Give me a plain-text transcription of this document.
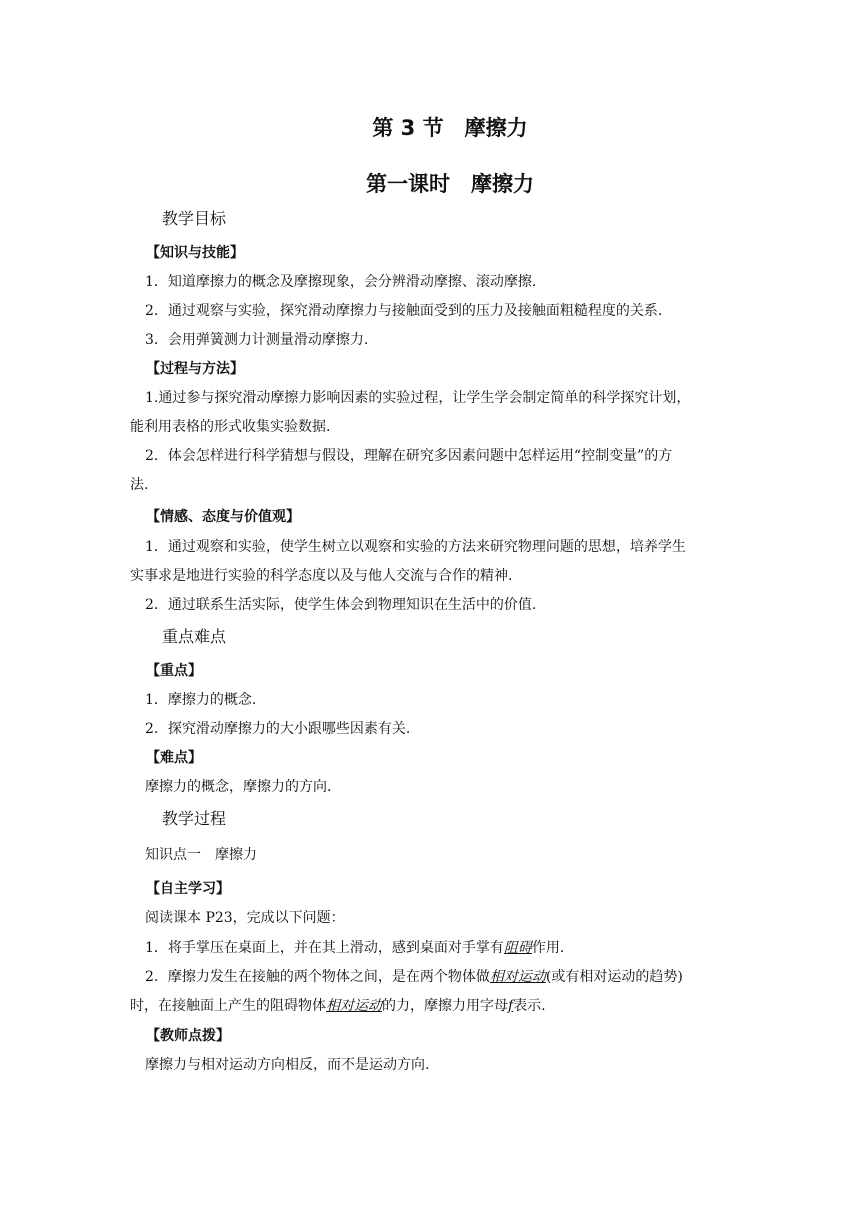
第 3 节　摩擦力
第一课时　摩擦力
教学目标
【知识与技能】
1．知道摩擦力的概念及摩擦现象，会分辨滑动摩擦、滚动摩擦.
2．通过观察与实验，探究滑动摩擦力与接触面受到的压力及接触面粗糙程度的关系.
3．会用弹簧测力计测量滑动摩擦力.
【过程与方法】
1.通过参与探究滑动摩擦力影响因素的实验过程，让学生学会制定简单的科学探究计划，
能利用表格的形式收集实验数据.
2．体会怎样进行科学猜想与假设，理解在研究多因素问题中怎样运用“控制变量”的方
法.
【情感、态度与价值观】
1．通过观察和实验，使学生树立以观察和实验的方法来研究物理问题的思想，培养学生
实事求是地进行实验的科学态度以及与他人交流与合作的精神.
2．通过联系生活实际，使学生体会到物理知识在生活中的价值.
重点难点
【重点】
1．摩擦力的概念.
2．探究滑动摩擦力的大小跟哪些因素有关.
【难点】
摩擦力的概念，摩擦力的方向.
教学过程
知识点一　摩擦力
【自主学习】
阅读课本 P23，完成以下问题：
1．将手掌压在桌面上，并在其上滑动，感到桌面对手掌有阻碍作用.
2．摩擦力发生在接触的两个物体之间，是在两个物体做相对运动(或有相对运动的趋势)
时，在接触面上产生的阻碍物体相对运动的力，摩擦力用字母f表示.
【教师点拨】
摩擦力与相对运动方向相反，而不是运动方向.
